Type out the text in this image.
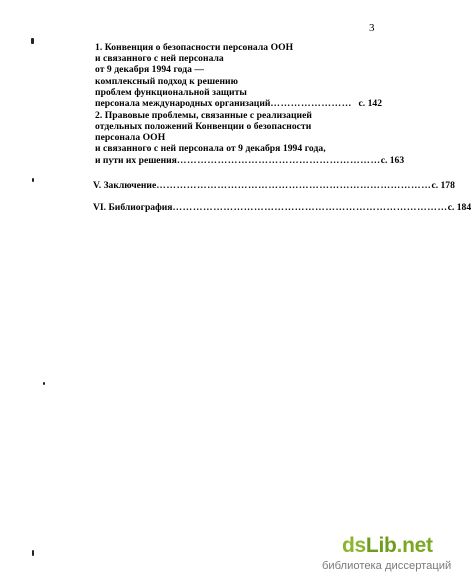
3
1. Конвенция о безопасности персонала ООН
и связанного с ней персонала
от 9 декабря 1994 года —
комплексный подход к решению
проблем функциональной защиты
персонала международных организаций …………………… с. 142
2. Правовые проблемы, связанные с реализацией
отдельных положений Конвенции о безопасности
персонала ООН
и связанного с ней персонала от 9 декабря 1994 года,
и пути их решения …………………………………………………… с. 163
V. Заключение ……………………………………………………………………… с. 178
VI. Библиография ……………………………………………………………………… с. 184
dsLib.net
библиотека диссертаций
